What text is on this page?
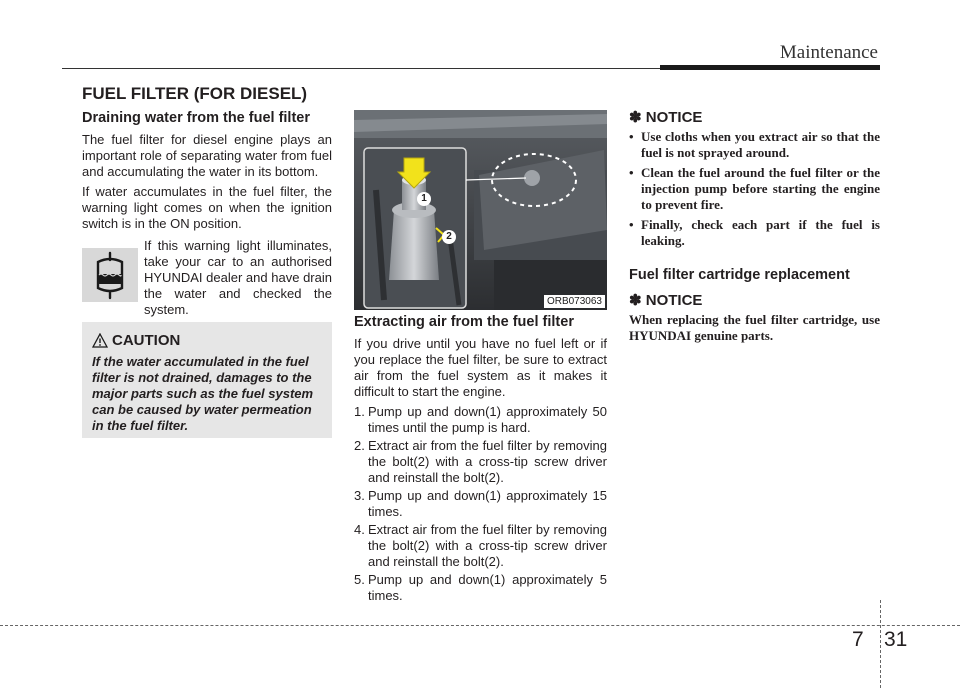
Maintenance
FUEL FILTER (FOR DIESEL)
Draining water from the fuel filter

The fuel filter for diesel engine plays an important role of separating water from fuel and accumulating the water in its bottom.

If water accumulates in the fuel filter, the warning light comes on when the ignition switch is in the ON position.

If this warning light illuminates, take your car to an authorised HYUNDAI dealer and have drain the water and checked the system.
CAUTION

If the water accumulated in the fuel filter is not drained, damages to the major parts such as the fuel system can be caused by water permeation in the fuel filter.

1
2
ORB073063
Extracting air from the fuel filter

If you drive until you have no fuel left or if you replace the fuel filter, be sure to extract air from the fuel system as it makes it difficult to start the engine.

1. Pump up and down(1) approximately 50 times until the pump is hard.
2. Extract air from the fuel filter by removing the bolt(2) with a cross-tip screw driver and reinstall the bolt(2).
3. Pump up and down(1) approximately 15 times.
4. Extract air from the fuel filter by removing the bolt(2) with a cross-tip screw driver and reinstall the bolt(2).
5. Pump up and down(1) approximately 5 times.
✽ NOTICE

• Use cloths when you extract air so that the fuel is not sprayed around.

• Clean the fuel around the fuel filter or the injection pump before starting the engine to prevent fire.

• Finally, check each part if the fuel is leaking.

Fuel filter cartridge replacement
✽ NOTICE

When replacing the fuel filter cartridge, use HYUNDAI genuine parts.

7 31
